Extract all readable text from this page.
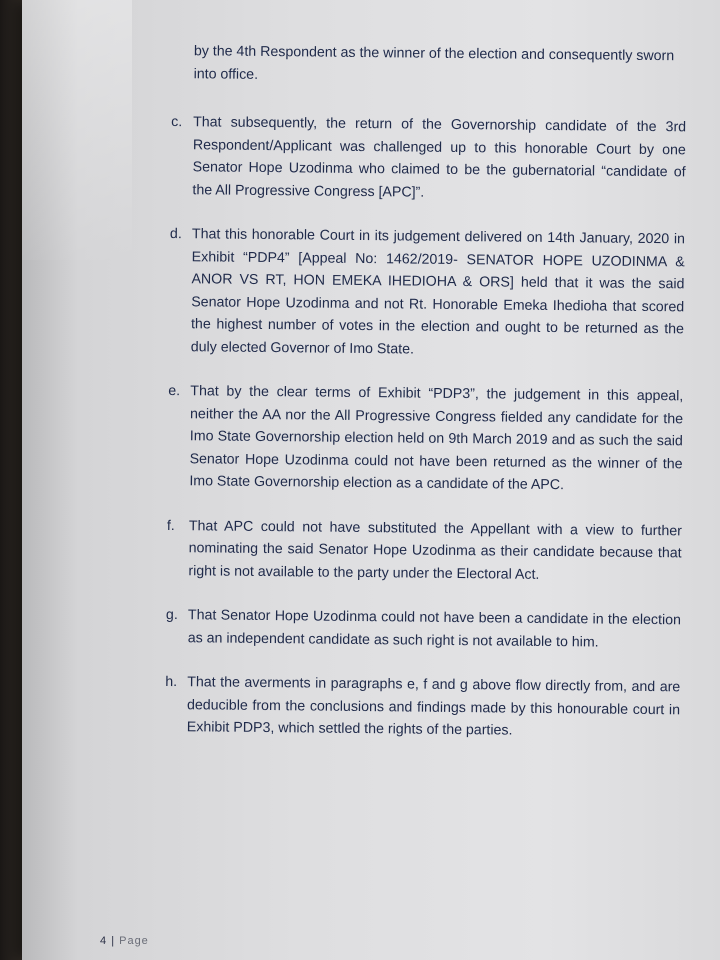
by the 4th Respondent as the winner of the election and consequently sworn into office.

c. That subsequently, the return of the Governorship candidate of the 3rd Respondent/Applicant was challenged up to this honorable Court by one Senator Hope Uzodinma who claimed to be the gubernatorial “candidate of the All Progressive Congress [APC]”.
d. That this honorable Court in its judgement delivered on 14th January, 2020 in Exhibit “PDP4” [Appeal No: 1462/2019- SENATOR HOPE UZODINMA & ANOR VS RT, HON EMEKA IHEDIOHA & ORS] held that it was the said Senator Hope Uzodinma and not Rt. Honorable Emeka Ihedioha that scored the highest number of votes in the election and ought to be returned as the duly elected Governor of Imo State.
e. That by the clear terms of Exhibit “PDP3”, the judgement in this appeal, neither the AA nor the All Progressive Congress fielded any candidate for the Imo State Governorship election held on 9th March 2019 and as such the said Senator Hope Uzodinma could not have been returned as the winner of the Imo State Governorship election as a candidate of the APC.
f. That APC could not have substituted the Appellant with a view to further nominating the said Senator Hope Uzodinma as their candidate because that right is not available to the party under the Electoral Act.
g. That Senator Hope Uzodinma could not have been a candidate in the election as an independent candidate as such right is not available to him.
h. That the averments in paragraphs e, f and g above flow directly from, and are deducible from the conclusions and findings made by this honourable court in Exhibit PDP3, which settled the rights of the parties.
4 | Page
